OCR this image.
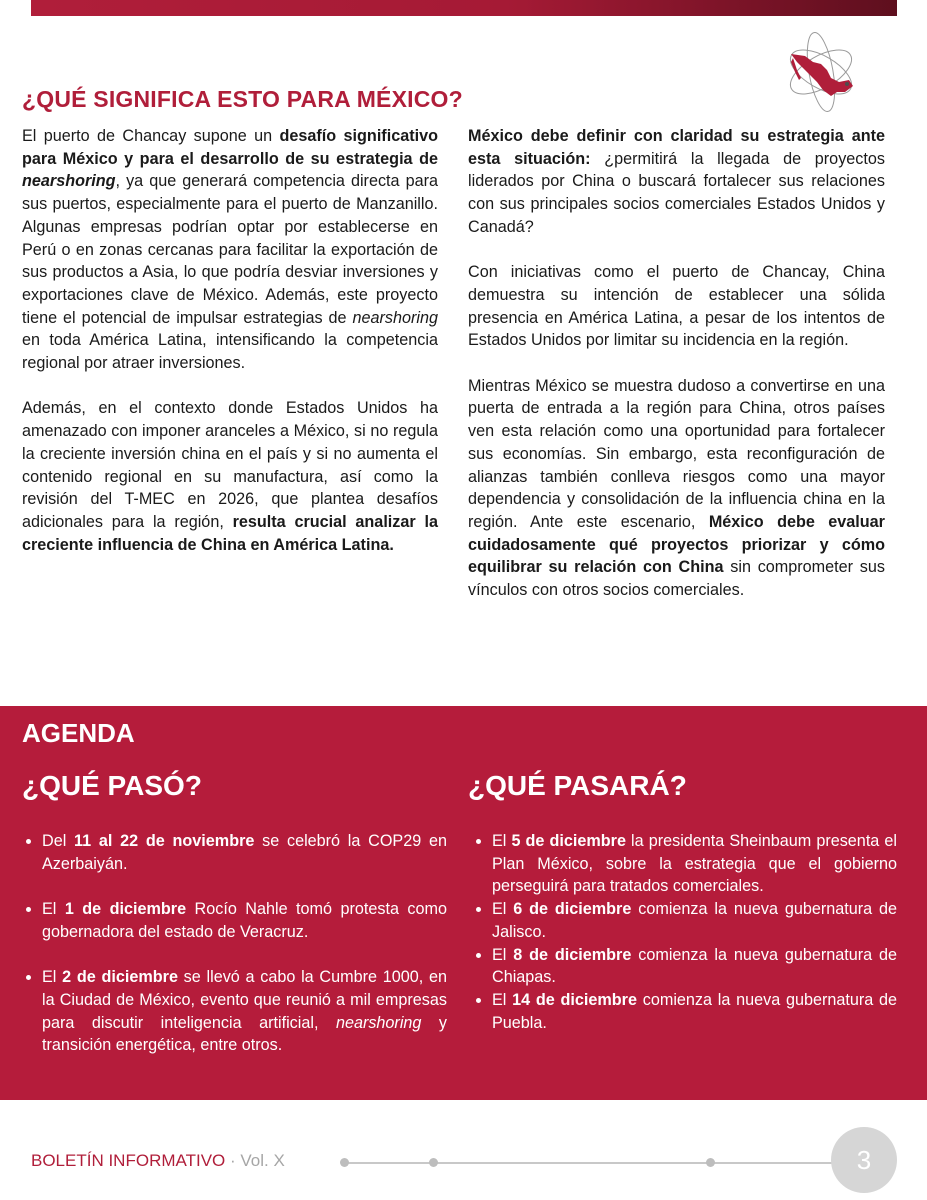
¿QUÉ SIGNIFICA ESTO PARA MÉXICO?

El puerto de Chancay supone un desafío significativo para México y para el desarrollo de su estrategia de nearshoring, ya que generará competencia directa para sus puertos, especialmente para el puerto de Manzanillo. Algunas empresas podrían optar por establecerse en Perú o en zonas cercanas para facilitar la exportación de sus productos a Asia, lo que podría desviar inversiones y exportaciones clave de México. Además, este proyecto tiene el potencial de impulsar estrategias de nearshoring en toda América Latina, intensificando la competencia regional por atraer inversiones.

Además, en el contexto donde Estados Unidos ha amenazado con imponer aranceles a México, si no regula la creciente inversión china en el país y si no aumenta el contenido regional en su manufactura, así como la revisión del T-MEC en 2026, que plantea desafíos adicionales para la región, resulta crucial analizar la creciente influencia de China en América Latina.

México debe definir con claridad su estrategia ante esta situación: ¿permitirá la llegada de proyectos liderados por China o buscará fortalecer sus relaciones con sus principales socios comerciales Estados Unidos y Canadá?

Con iniciativas como el puerto de Chancay, China demuestra su intención de establecer una sólida presencia en América Latina, a pesar de los intentos de Estados Unidos por limitar su incidencia en la región.

Mientras México se muestra dudoso a convertirse en una puerta de entrada a la región para China, otros países ven esta relación como una oportunidad para fortalecer sus economías. Sin embargo, esta reconfiguración de alianzas también conlleva riesgos como una mayor dependencia y consolidación de la influencia china en la región. Ante este escenario, México debe evaluar cuidadosamente qué proyectos priorizar y cómo equilibrar su relación con China sin comprometer sus vínculos con otros socios comerciales.

AGENDA
¿QUÉ PASÓ?	¿QUÉ PASARÁ?
• Del 11 al 22 de noviembre se celebró la COP29 en Azerbaiyán.
• El 1 de diciembre Rocío Nahle tomó protesta como gobernadora del estado de Veracruz.
• El 2 de diciembre se llevó a cabo la Cumbre 1000, en la Ciudad de México, evento que reunió a mil empresas para discutir inteligencia artificial, nearshoring y transición energética, entre otros.
• El 5 de diciembre la presidenta Sheinbaum presenta el Plan México, sobre la estrategia que el gobierno perseguirá para tratados comerciales.
• El 6 de diciembre comienza la nueva gubernatura de Jalisco.
• El 8 de diciembre comienza la nueva gubernatura de Chiapas.
• El 14 de diciembre comienza la nueva gubernatura de Puebla.
BOLETÍN INFORMATIVO · Vol. X	3
